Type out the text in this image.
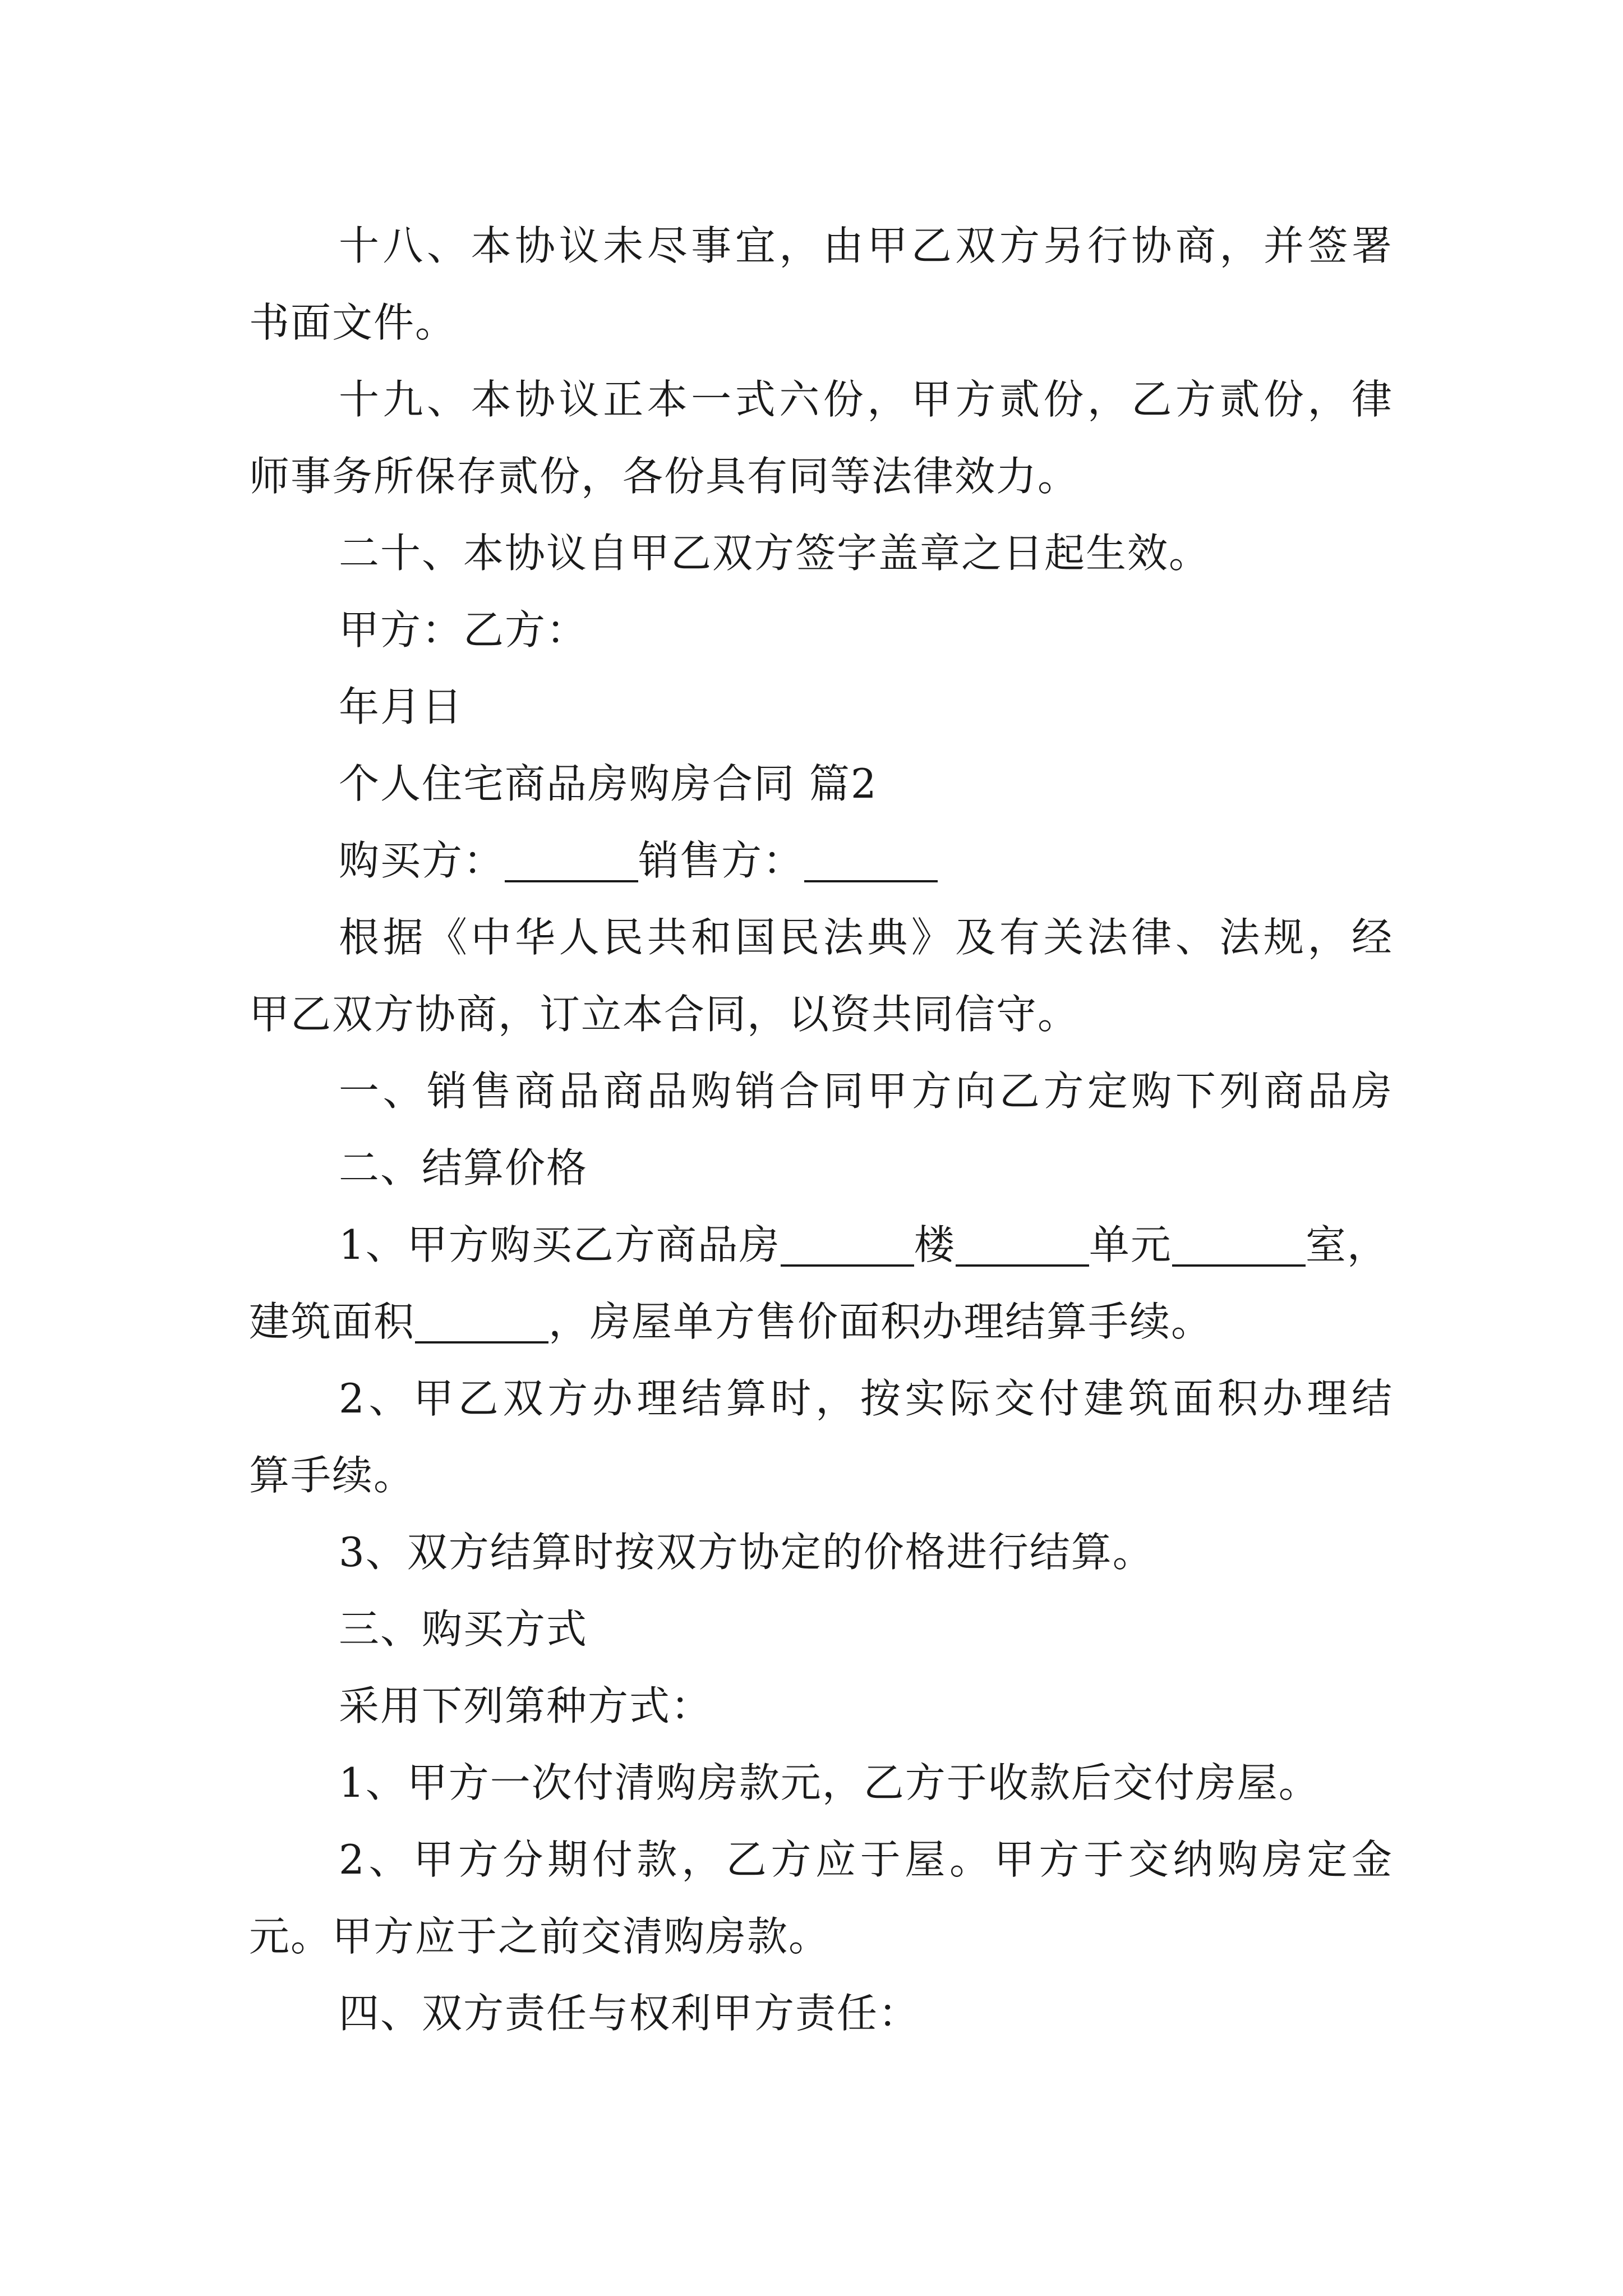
十八、本协议未尽事宜，由甲乙双方另行协商，并签署
书面文件。
十九、本协议正本一式六份，甲方贰份，乙方贰份，律
师事务所保存贰份，各份具有同等法律效力。
二十、本协议自甲乙双方签字盖章之日起生效。
甲方：乙方：
年月日
个人住宅商品房购房合同 篇2
购买方：	销售方：
根据《中华人民共和国民法典》及有关法律、法规，经
甲乙双方协商，订立本合同，以资共同信守。
一、销售商品商品购销合同甲方向乙方定购下列商品房
二、结算价格
1、甲方购买乙方商品房	楼	单元	室，
建筑面积	，房屋单方售价面积办理结算手续。
2、甲乙双方办理结算时，按实际交付建筑面积办理结
算手续。
3、双方结算时按双方协定的价格进行结算。
三、购买方式
采用下列第种方式：
1、甲方一次付清购房款元，乙方于收款后交付房屋。
2、甲方分期付款，乙方应于屋。甲方于交纳购房定金
元。甲方应于之前交清购房款。
四、双方责任与权利甲方责任：
